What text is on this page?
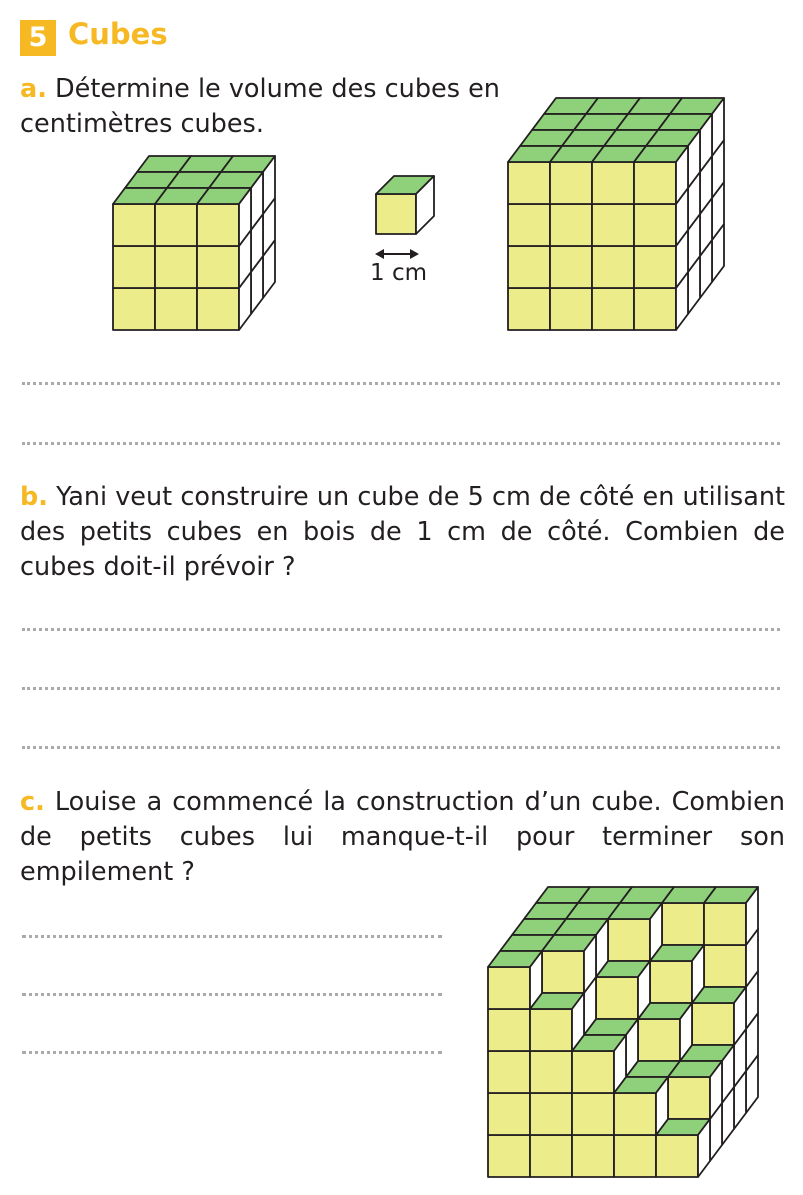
5 Cubes
a. Détermine le volume des cubes en centimètres cubes.
1 cm
b. Yani veut construire un cube de 5 cm de côté en utilisant des petits cubes en bois de 1 cm de côté. Combien de cubes doit-il prévoir ?
c. Louise a commencé la construction d’un cube. Combien de petits cubes lui manque-t-il pour terminer son empilement ?
